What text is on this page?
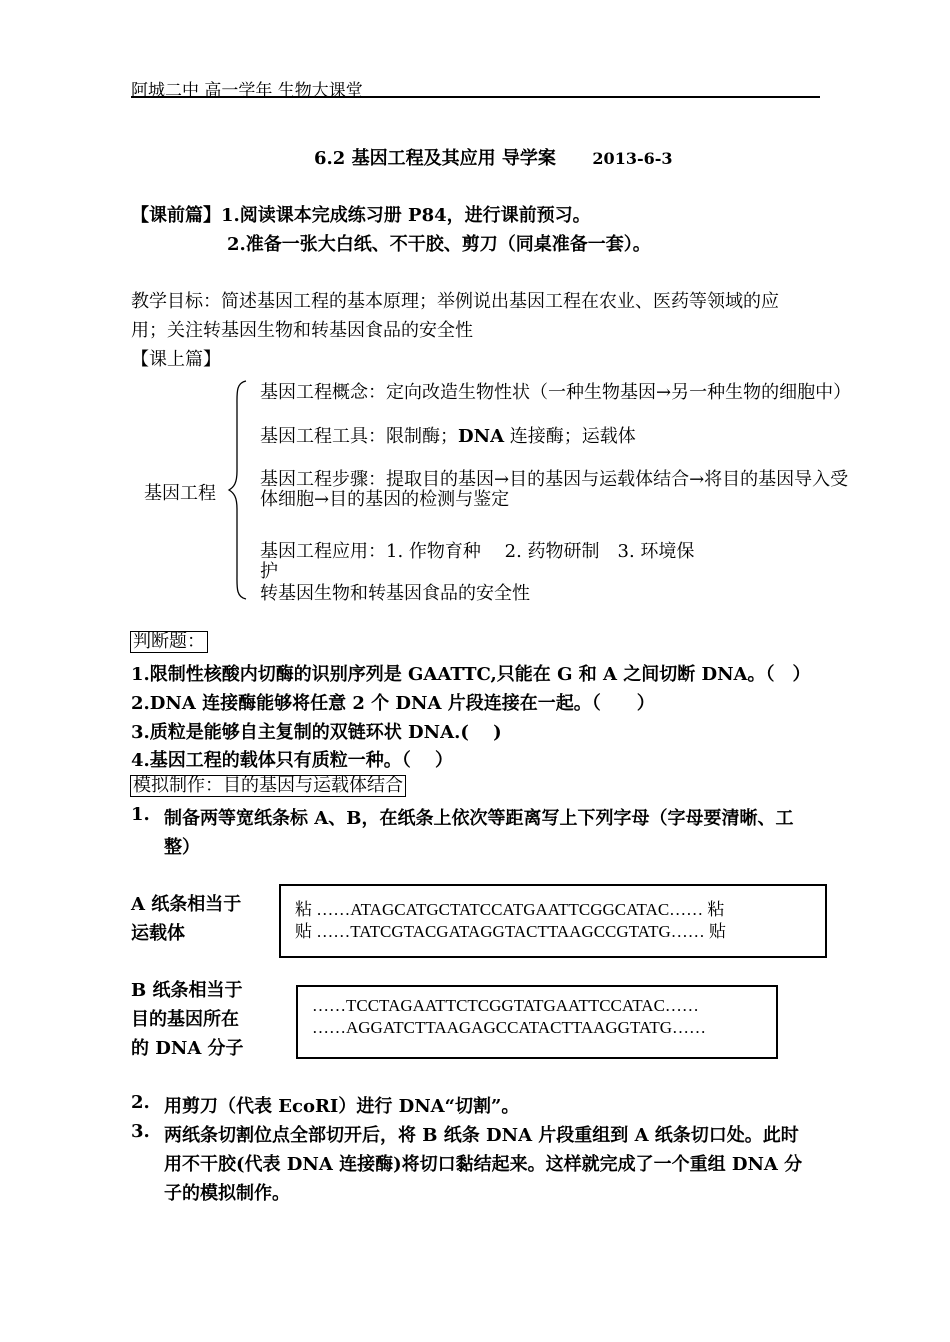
阿城二中 高一学年 生物大课堂
6.2 基因工程及其应用 导学案 2013-6-3
【课前篇】1.阅读课本完成练习册 P84，进行课前预习。
2.准备一张大白纸、不干胶、剪刀（同桌准备一套）。
教学目标：简述基因工程的基本原理；举例说出基因工程在农业、医药等领域的应
用；关注转基因生物和转基因食品的安全性
【课上篇】
基因工程
基因工程概念：定向改造生物性状（一种生物基因→另一种生物的细胞中）
基因工程工具：限制酶；DNA 连接酶；运载体
基因工程步骤：提取目的基因→目的基因与运载体结合→将目的基因导入受
体细胞→目的基因的检测与鉴定
基因工程应用：1. 作物育种　 2. 药物研制　3. 环境保
护
转基因生物和转基因食品的安全性
判断题：
1.限制性核酸内切酶的识别序列是 GAATTC,只能在 G 和 A 之间切断 DNA。（　）
2.DNA 连接酶能够将任意 2 个 DNA 片段连接在一起。（　　）
3.质粒是能够自主复制的双链环状 DNA.(　 )
4.基因工程的载体只有质粒一种。（　 ）
模拟制作：目的基因与运载体结合
1. 制备两等宽纸条标 A、B，在纸条上依次等距离写上下列字母（字母要清晰、工
整）
A 纸条相当于
运载体
粘 ……ATAGCATGCTATCCATGAATTCGGCATAC…… 粘
贴 ……TATCGTACGATAGGTACTTAAGCCGTATG…… 贴
B 纸条相当于
目的基因所在
的 DNA 分子
……TCCTAGAATTCTCGGTATGAATTCCATAC……
……AGGATCTTAAGAGCCATACTTAAGGTATG……
2. 用剪刀（代表 EcoRI）进行 DNA“切割”。
3. 两纸条切割位点全部切开后，将 B 纸条 DNA 片段重组到 A 纸条切口处。此时
用不干胶(代表 DNA 连接酶)将切口黏结起来。这样就完成了一个重组 DNA 分
子的模拟制作。
